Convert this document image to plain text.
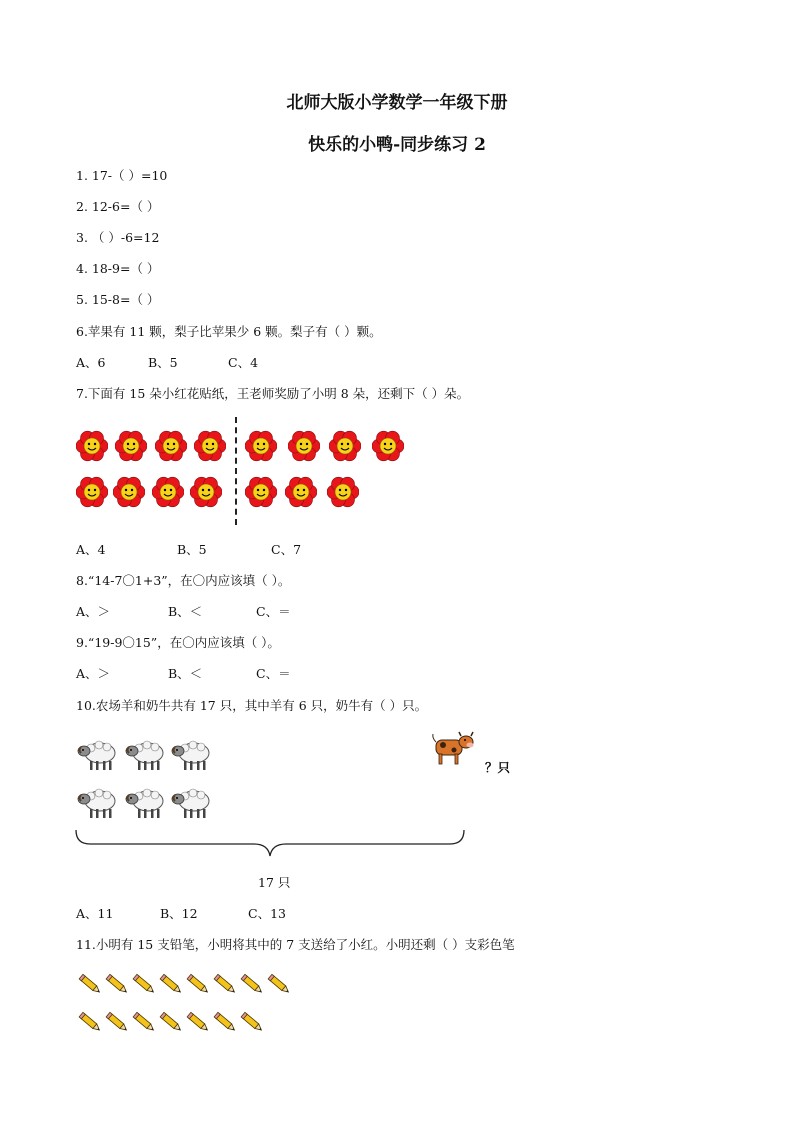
北师大版小学数学一年级下册
快乐的小鸭-同步练习 2
1. 17-（ ）=10
2. 12-6=（ ）
3. （ ）-6=12
4. 18-9=（ ）
5. 15-8=（ ）
6.苹果有 11 颗，梨子比苹果少 6 颗。梨子有（ ）颗。
A、6	B、5	C、4
7.下面有 15 朵小红花贴纸，王老师奖励了小明 8 朵，还剩下（ ）朵。
A、4	B、5	C、7
8.“14-7〇1+3”，在〇内应该填（ ）。
A、＞	B、＜	C、＝
9.“19-9〇15”，在〇内应该填（ ）。
A、＞	B、＜	C、＝
10.农场羊和奶牛共有 17 只，其中羊有 6 只，奶牛有（ ）只。
？只
17 只
A、11	B、12	C、13
11.小明有 15 支铅笔，小明将其中的 7 支送给了小红。小明还剩（ ）支彩色笔
